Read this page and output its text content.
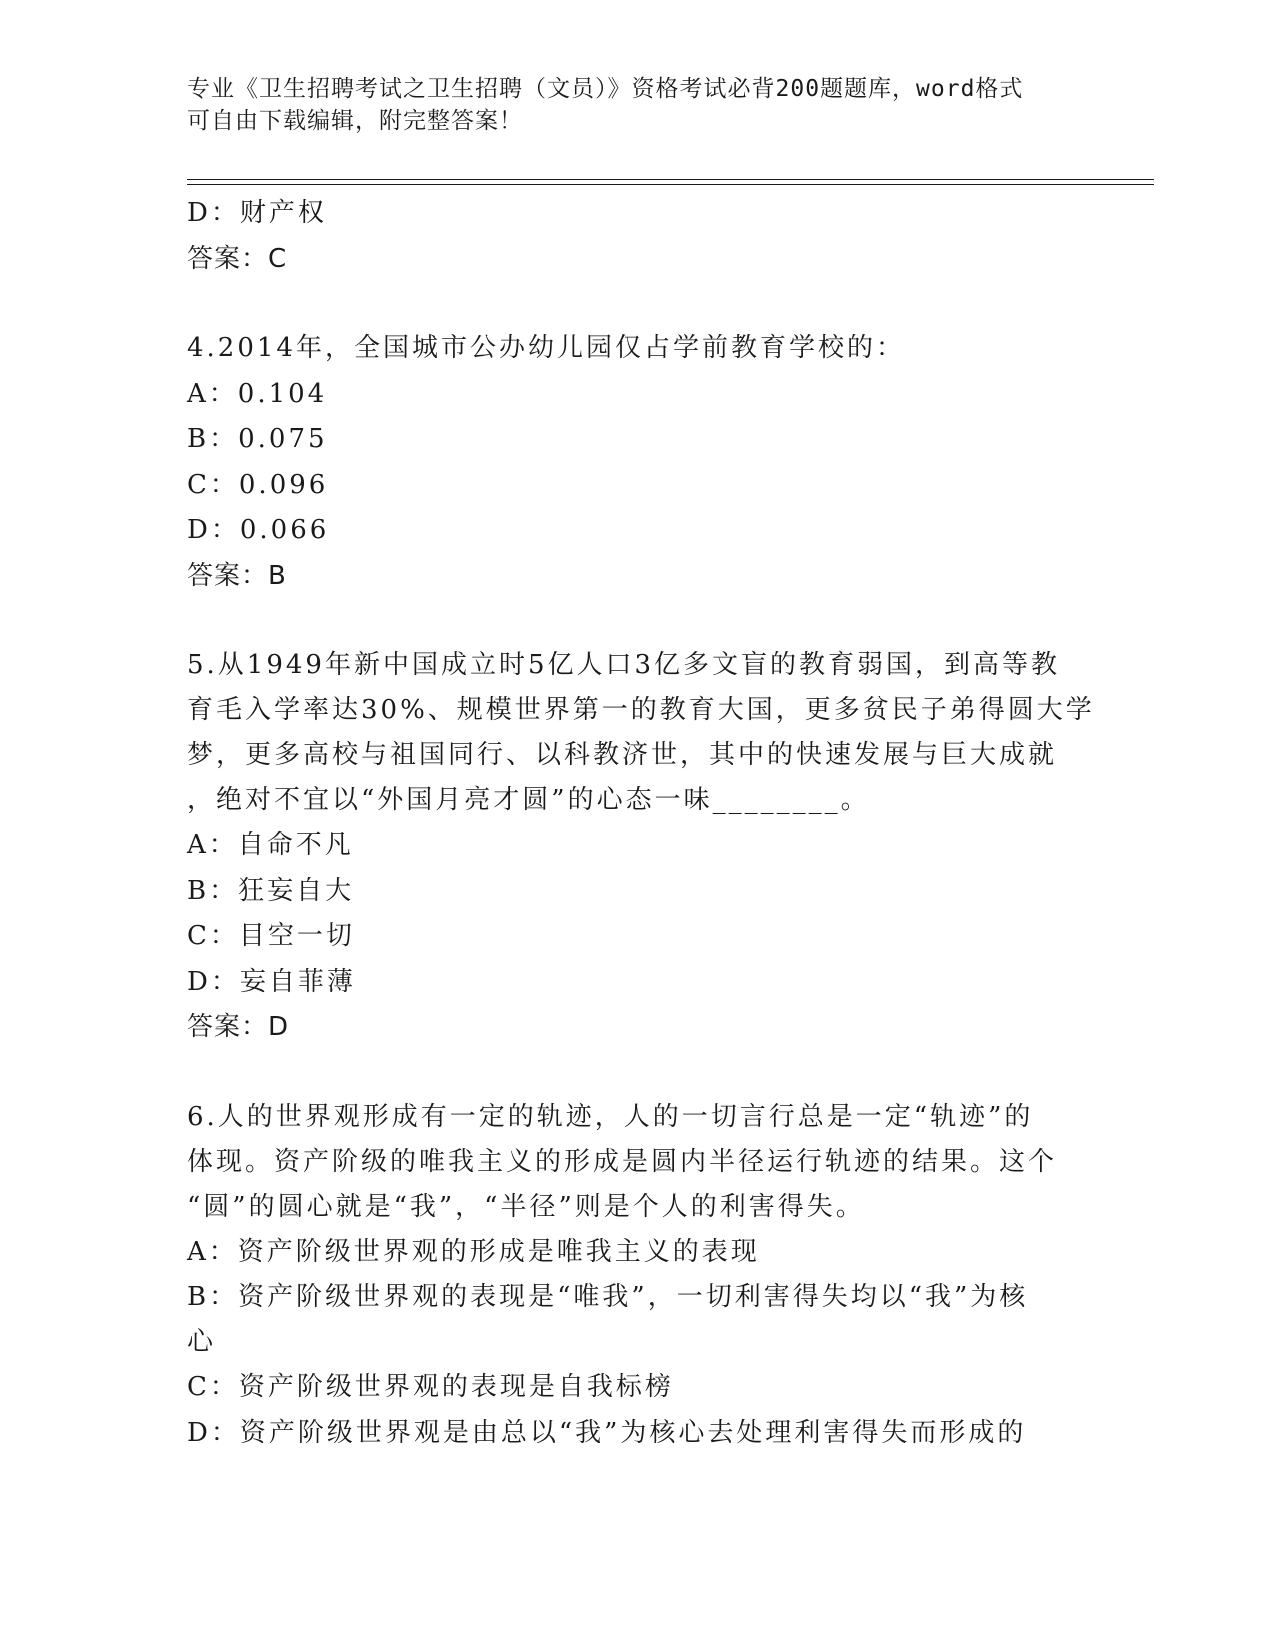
专业《卫生招聘考试之卫生招聘（文员）》资格考试必背200题题库，word格式
可自由下载编辑，附完整答案！
D：财产权
答案：C
4.2014年，全国城市公办幼儿园仅占学前教育学校的：
A：0.104
B：0.075
C：0.096
D：0.066
答案：B
5.从1949年新中国成立时5亿人口3亿多文盲的教育弱国，到高等教
育毛入学率达30%、规模世界第一的教育大国，更多贫民子弟得圆大学
梦，更多高校与祖国同行、以科教济世，其中的快速发展与巨大成就
，绝对不宜以“外国月亮才圆”的心态一味________。
A：自命不凡
B：狂妄自大
C：目空一切
D：妄自菲薄
答案：D
6.人的世界观形成有一定的轨迹，人的一切言行总是一定“轨迹”的
体现。资产阶级的唯我主义的形成是圆内半径运行轨迹的结果。这个
“圆”的圆心就是“我”，“半径”则是个人的利害得失。
A：资产阶级世界观的形成是唯我主义的表现
B：资产阶级世界观的表现是“唯我”，一切利害得失均以“我”为核
心
C：资产阶级世界观的表现是自我标榜
D：资产阶级世界观是由总以“我”为核心去处理利害得失而形成的
